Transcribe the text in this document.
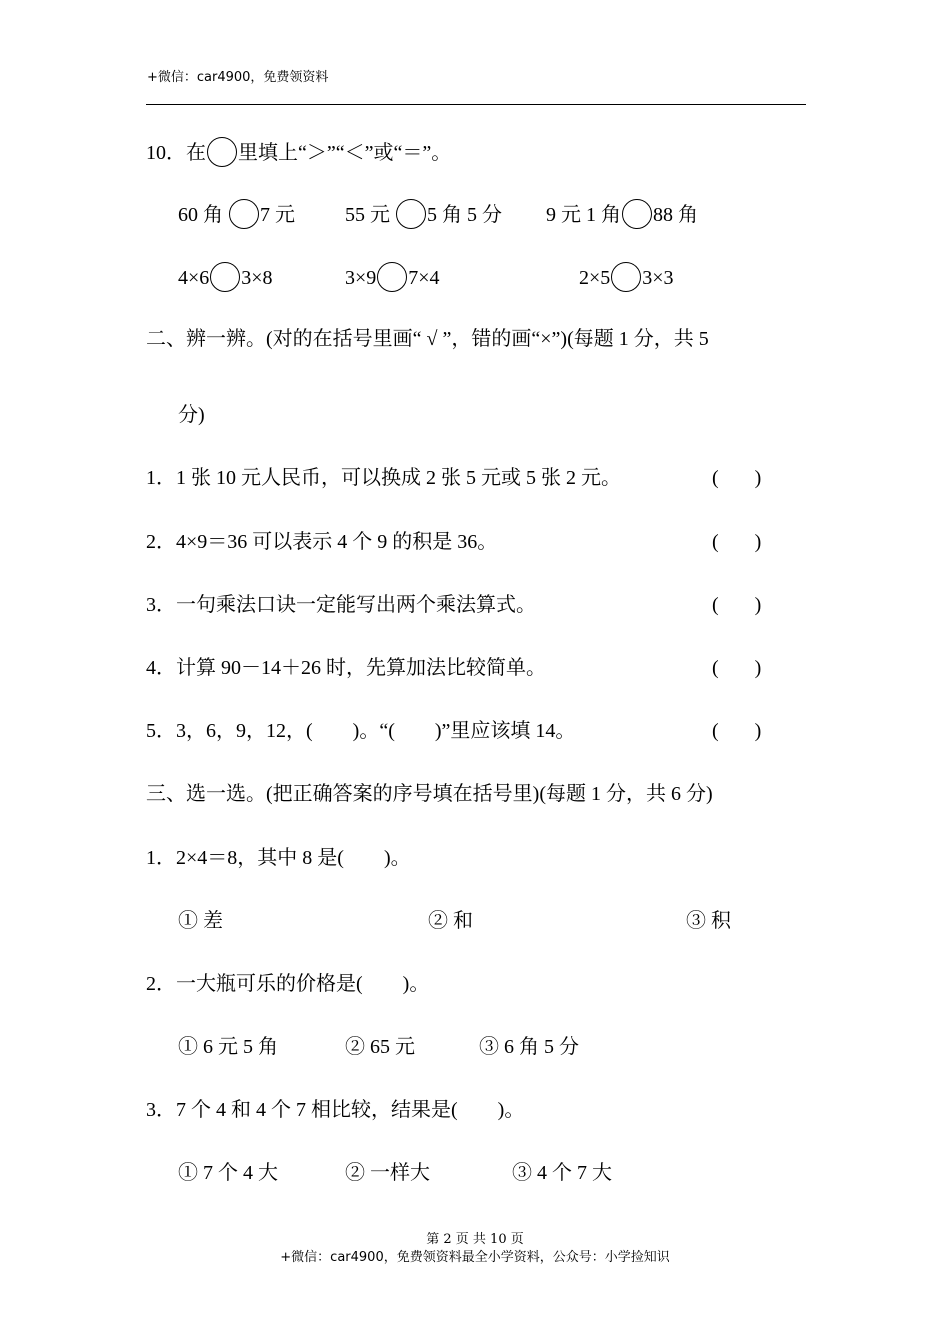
+微信：car4900，免费领资料
10．在 里填上“＞”“＜”或“＝”。
60 角 7 元	55 元 5 角 5 分 9 元 1 角 88 角
4×6 3×8	3×9 7×4	2×5 3×3
二、辨一辨。(对的在括号里画“ √ ”，错的画“×”)(每题 1 分，共 5
分)
1．1 张 10 元人民币，可以换成 2 张 5 元或 5 张 2 元。	( )
2．4×9＝36 可以表示 4 个 9 的积是 36。	( )
3．一句乘法口诀一定能写出两个乘法算式。	( )
4．计算 90－14＋26 时，先算加法比较简单。	( )
5．3，6，9，12，(　　)。“(　　)”里应该填 14。	( )
三、选一选。(把正确答案的序号填在括号里)(每题 1 分，共 6 分)
1．2×4＝8，其中 8 是(　　)。
① 差	② 和	③ 积
2．一大瓶可乐的价格是(　　)。
① 6 元 5 角	② 65 元	③ 6 角 5 分
3．7 个 4 和 4 个 7 相比较，结果是(　　)。
① 7 个 4 大	② 一样大	③ 4 个 7 大
第 2 页 共 10 页
+微信：car4900，免费领资料最全小学资料，公众号：小学捡知识
